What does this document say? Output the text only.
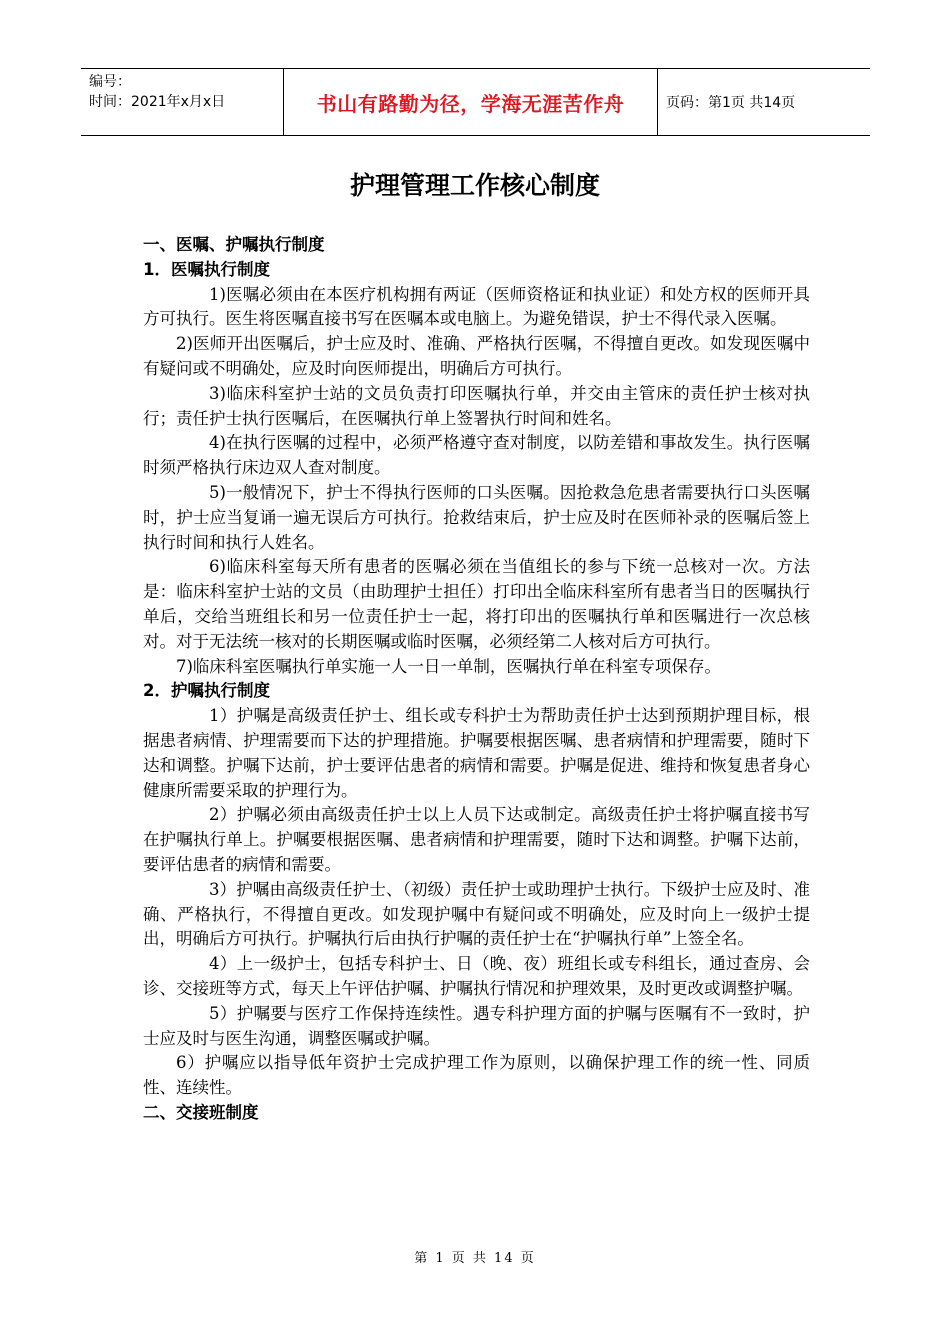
编号：
时间：2021年x月x日	书山有路勤为径，学海无涯苦作舟	页码：第1页 共14页
护理管理工作核心制度

一、医嘱、护嘱执行制度

1．医嘱执行制度

1)医嘱必须由在本医疗机构拥有两证（医师资格证和执业证）和处方权的医师开具方可执行。医生将医嘱直接书写在医嘱本或电脑上。为避免错误，护士不得代录入医嘱。

2)医师开出医嘱后，护士应及时、准确、严格执行医嘱，不得擅自更改。如发现医嘱中有疑问或不明确处，应及时向医师提出，明确后方可执行。

3)临床科室护士站的文员负责打印医嘱执行单，并交由主管床的责任护士核对执行；责任护士执行医嘱后，在医嘱执行单上签署执行时间和姓名。

4)在执行医嘱的过程中，必须严格遵守查对制度，以防差错和事故发生。执行医嘱时须严格执行床边双人查对制度。

5)一般情况下，护士不得执行医师的口头医嘱。因抢救急危患者需要执行口头医嘱时，护士应当复诵一遍无误后方可执行。抢救结束后，护士应及时在医师补录的医嘱后签上执行时间和执行人姓名。

6)临床科室每天所有患者的医嘱必须在当值组长的参与下统一总核对一次。方法是：临床科室护士站的文员（由助理护士担任）打印出全临床科室所有患者当日的医嘱执行单后，交给当班组长和另一位责任护士一起，将打印出的医嘱执行单和医嘱进行一次总核对。对于无法统一核对的长期医嘱或临时医嘱，必须经第二人核对后方可执行。

7)临床科室医嘱执行单实施一人一日一单制，医嘱执行单在科室专项保存。

2．护嘱执行制度

1）护嘱是高级责任护士、组长或专科护士为帮助责任护士达到预期护理目标，根据患者病情、护理需要而下达的护理措施。护嘱要根据医嘱、患者病情和护理需要，随时下达和调整。护嘱下达前，护士要评估患者的病情和需要。护嘱是促进、维持和恢复患者身心健康所需要采取的护理行为。

2）护嘱必须由高级责任护士以上人员下达或制定。高级责任护士将护嘱直接书写在护嘱执行单上。护嘱要根据医嘱、患者病情和护理需要，随时下达和调整。护嘱下达前，要评估患者的病情和需要。

3）护嘱由高级责任护士、（初级）责任护士或助理护士执行。下级护士应及时、准确、严格执行，不得擅自更改。如发现护嘱中有疑问或不明确处，应及时向上一级护士提出，明确后方可执行。护嘱执行后由执行护嘱的责任护士在“护嘱执行单”上签全名。

4）上一级护士，包括专科护士、日（晚、夜）班组长或专科组长，通过查房、会诊、交接班等方式，每天上午评估护嘱、护嘱执行情况和护理效果，及时更改或调整护嘱。

5）护嘱要与医疗工作保持连续性。遇专科护理方面的护嘱与医嘱有不一致时，护士应及时与医生沟通，调整医嘱或护嘱。

6）护嘱应以指导低年资护士完成护理工作为原则，以确保护理工作的统一性、同质性、连续性。

二、交接班制度

第 1 页 共 14 页
